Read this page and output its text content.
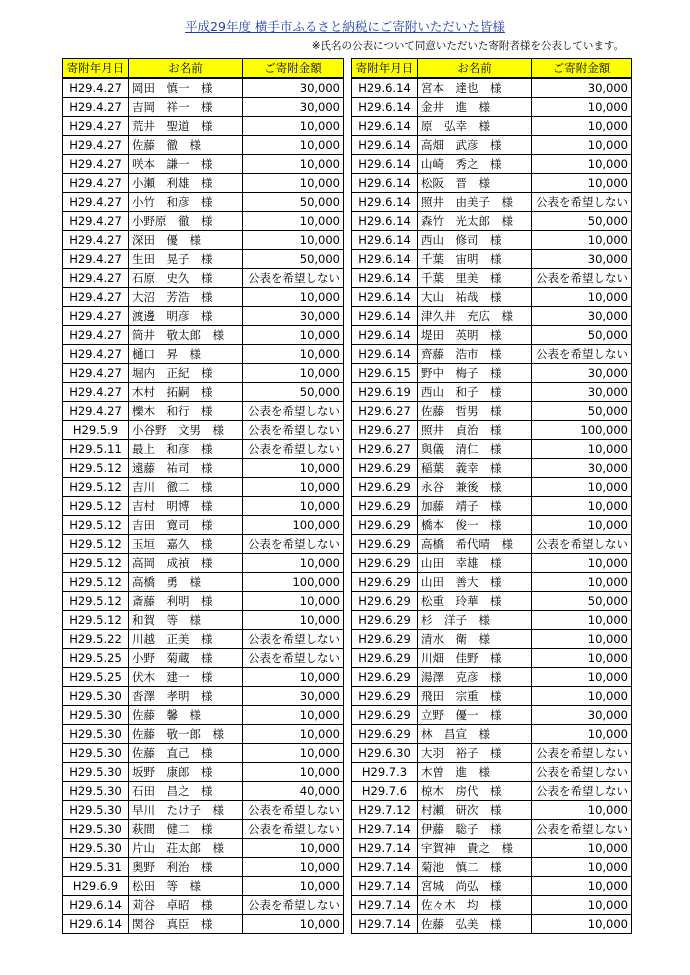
平成29年度 横手市ふるさと納税にご寄附いただいた皆様
※氏名の公表について同意いただいた寄附者様を公表しています。
寄附年月日	お名前	ご寄附金額
H29.4.27	岡田　慎一　様	30,000
H29.4.27	吉岡　祥一　様	30,000
H29.4.27	荒井　聖道　様	10,000
H29.4.27	佐藤　徹　様	10,000
H29.4.27	咲本　謙一　様	10,000
H29.4.27	小瀬　利雄　様	10,000
H29.4.27	小竹　和彦　様	50,000
H29.4.27	小野原　徹　様	10,000
H29.4.27	深田　優　様	10,000
H29.4.27	生田　晃子　様	50,000
H29.4.27	石原　史久　様	公表を希望しない
H29.4.27	大沼　芳浩　様	10,000
H29.4.27	渡邊　明彦　様	30,000
H29.4.27	筒井　敬太郎　様	10,000
H29.4.27	樋口　昇　様	10,000
H29.4.27	堀内　正紀　様	10,000
H29.4.27	木村　拓嗣　様	50,000
H29.4.27	櫟木　和行　様	公表を希望しない
H29.5.9	小谷野　文男　様	公表を希望しない
H29.5.11	最上　和彦　様	公表を希望しない
H29.5.12	遠藤　祐司　様	10,000
H29.5.12	吉川　徹二　様	10,000
H29.5.12	吉村　明博　様	10,000
H29.5.12	吉田　寛司　様	100,000
H29.5.12	玉垣　嘉久　様	公表を希望しない
H29.5.12	高岡　成禎　様	10,000
H29.5.12	高橋　勇　様	100,000
H29.5.12	斎藤　利明　様	10,000
H29.5.12	和賀　等　様	10,000
H29.5.22	川越　正美　様	公表を希望しない
H29.5.25	小野　菊蔵　様	公表を希望しない
H29.5.25	伏木　建一　様	10,000
H29.5.30	沓澤　孝明　様	30,000
H29.5.30	佐藤　馨　様	10,000
H29.5.30	佐藤　敬一郎　様	10,000
H29.5.30	佐藤　直己　様	10,000
H29.5.30	坂野　康郎　様	10,000
H29.5.30	石田　昌之　様	40,000
H29.5.30	早川　たけ子　様	公表を希望しない
H29.5.30	萩間　健二　様	公表を希望しない
H29.5.30	片山　荘太郎　様	10,000
H29.5.31	奥野　利治　様	10,000
H29.6.9	松田　等　様	10,000
H29.6.14	苅谷　卓昭　様	公表を希望しない
H29.6.14	関谷　真臣　様	10,000
寄附年月日	お名前	ご寄附金額
H29.6.14	宮本　達也　様	30,000
H29.6.14	金井　進　様	10,000
H29.6.14	原　弘幸　様	10,000
H29.6.14	高畑　武彦　様	10,000
H29.6.14	山崎　秀之　様	10,000
H29.6.14	松阪　晋　様	10,000
H29.6.14	照井　由美子　様	公表を希望しない
H29.6.14	森竹　光太郎　様	50,000
H29.6.14	西山　修司　様	10,000
H29.6.14	千葉　宙明　様	30,000
H29.6.14	千葉　里美　様	公表を希望しない
H29.6.14	大山　祐哉　様	10,000
H29.6.14	津久井　充広　様	30,000
H29.6.14	堤田　英明　様	50,000
H29.6.14	齊藤　浩市　様	公表を希望しない
H29.6.15	野中　梅子　様	30,000
H29.6.19	西山　和子　様	30,000
H29.6.27	佐藤　哲男　様	50,000
H29.6.27	照井　貞治　様	100,000
H29.6.27	與儀　清仁　様	10,000
H29.6.29	稲葉　義幸　様	30,000
H29.6.29	永谷　兼後　様	10,000
H29.6.29	加藤　靖子　様	10,000
H29.6.29	橋本　俊一　様	10,000
H29.6.29	高橋　希代晴　様	公表を希望しない
H29.6.29	山田　幸雄　様	10,000
H29.6.29	山田　善大　様	10,000
H29.6.29	松重　玲華　様	50,000
H29.6.29	杉　洋子　様	10,000
H29.6.29	清水　衛　様	10,000
H29.6.29	川畑　佳野　様	10,000
H29.6.29	湯澤　克彦　様	10,000
H29.6.29	飛田　宗重　様	10,000
H29.6.29	立野　優一　様	30,000
H29.6.29	林　昌宣　様	10,000
H29.6.30	大羽　裕子　様	公表を希望しない
H29.7.3	木曽　進　様	公表を希望しない
H29.7.6	椋木　房代　様	公表を希望しない
H29.7.12	村瀬　研次　様	10,000
H29.7.14	伊藤　聡子　様	公表を希望しない
H29.7.14	宇賀神　貴之　様	10,000
H29.7.14	菊池　慎二　様	10,000
H29.7.14	宮城　尚弘　様	10,000
H29.7.14	佐々木　均　様	10,000
H29.7.14	佐藤　弘美　様	10,000
